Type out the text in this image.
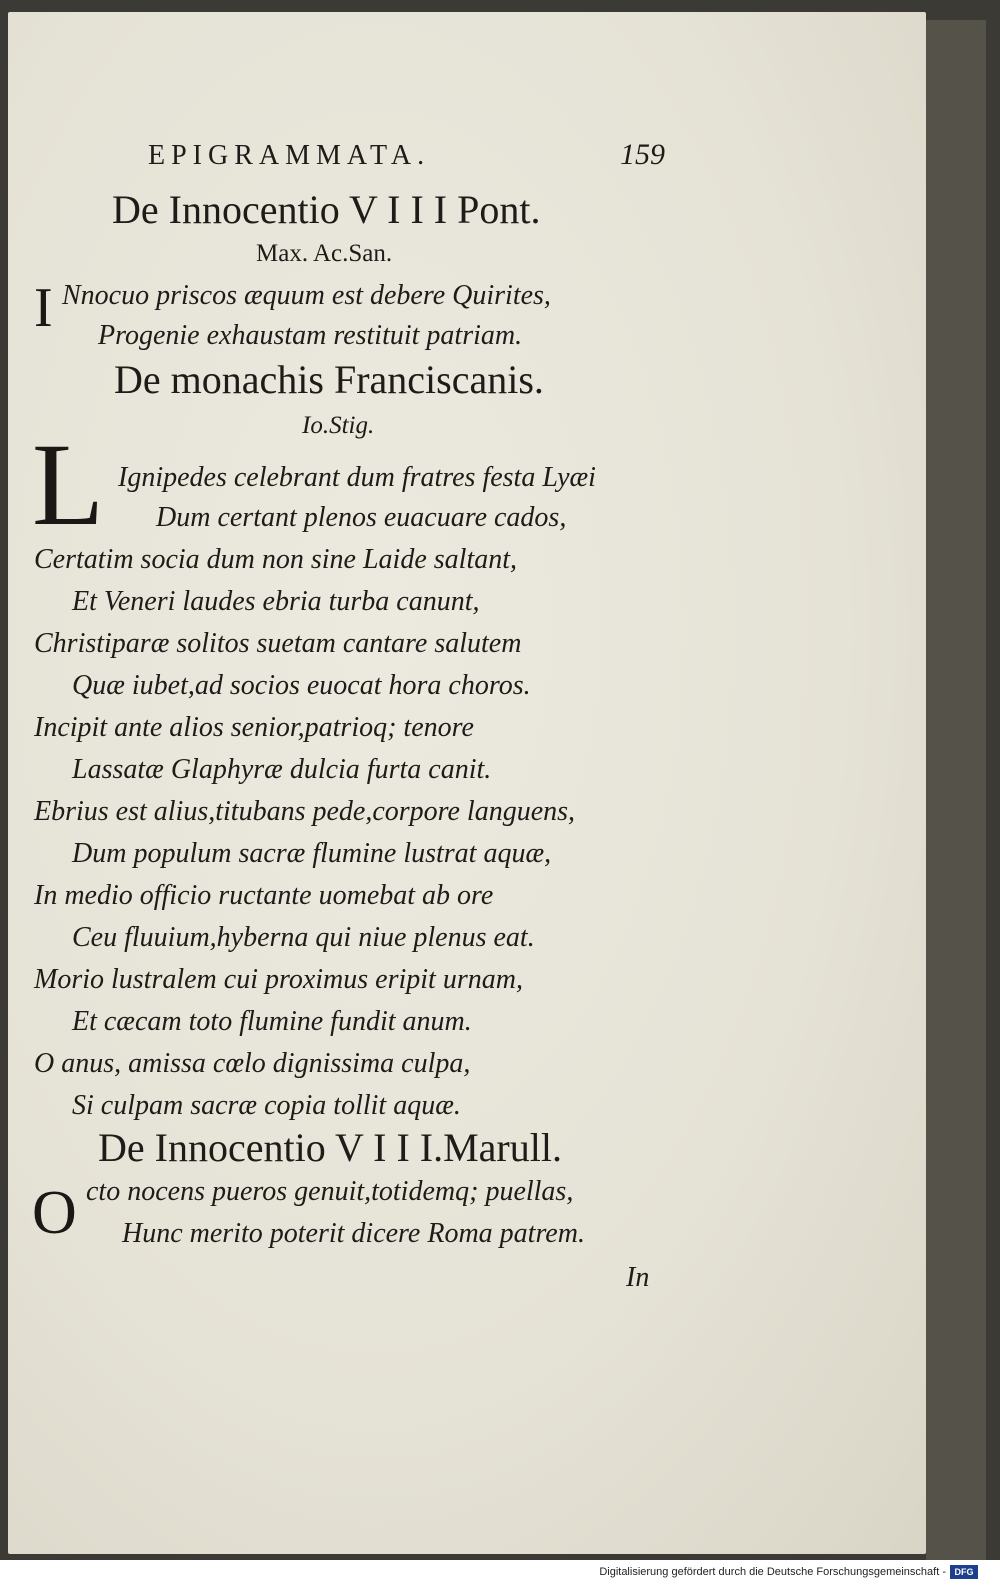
EPIGRAMMATA.	159
De Innocentio V I I I Pont.
Max. Ac.San.
I Nnocuo priscos æquum est debere Quirites,
Progenie exhaustam restituit patriam.
De monachis Franciscanis.
Io.Stig.
L Ignipedes celebrant dum fratres festa Lyæi
Dum certant plenos euacuare cados,
Certatim socia dum non sine Laide saltant,
Et Veneri laudes ebria turba canunt,
Christiparæ solitos suetam cantare salutem
Quæ iubet,ad socios euocat hora choros.
Incipit ante alios senior,patrioq; tenore
Lassatæ Glaphyræ dulcia furta canit.
Ebrius est alius,titubans pede,corpore languens,
Dum populum sacræ flumine lustrat aquæ,
In medio officio ructante uomebat ab ore
Ceu fluuium,hyberna qui niue plenus eat.
Morio lustralem cui proximus eripit urnam,
Et cæcam toto flumine fundit anum.
O anus, amissa cœlo dignissima culpa,
Si culpam sacræ copia tollit aquæ.
De Innocentio V I I I.Marull.
O cto nocens pueros genuit,totidemq; puellas,
Hunc merito poterit dicere Roma patrem.
In
Digitalisierung gefördert durch die Deutsche Forschungsgemeinschaft - DFG
